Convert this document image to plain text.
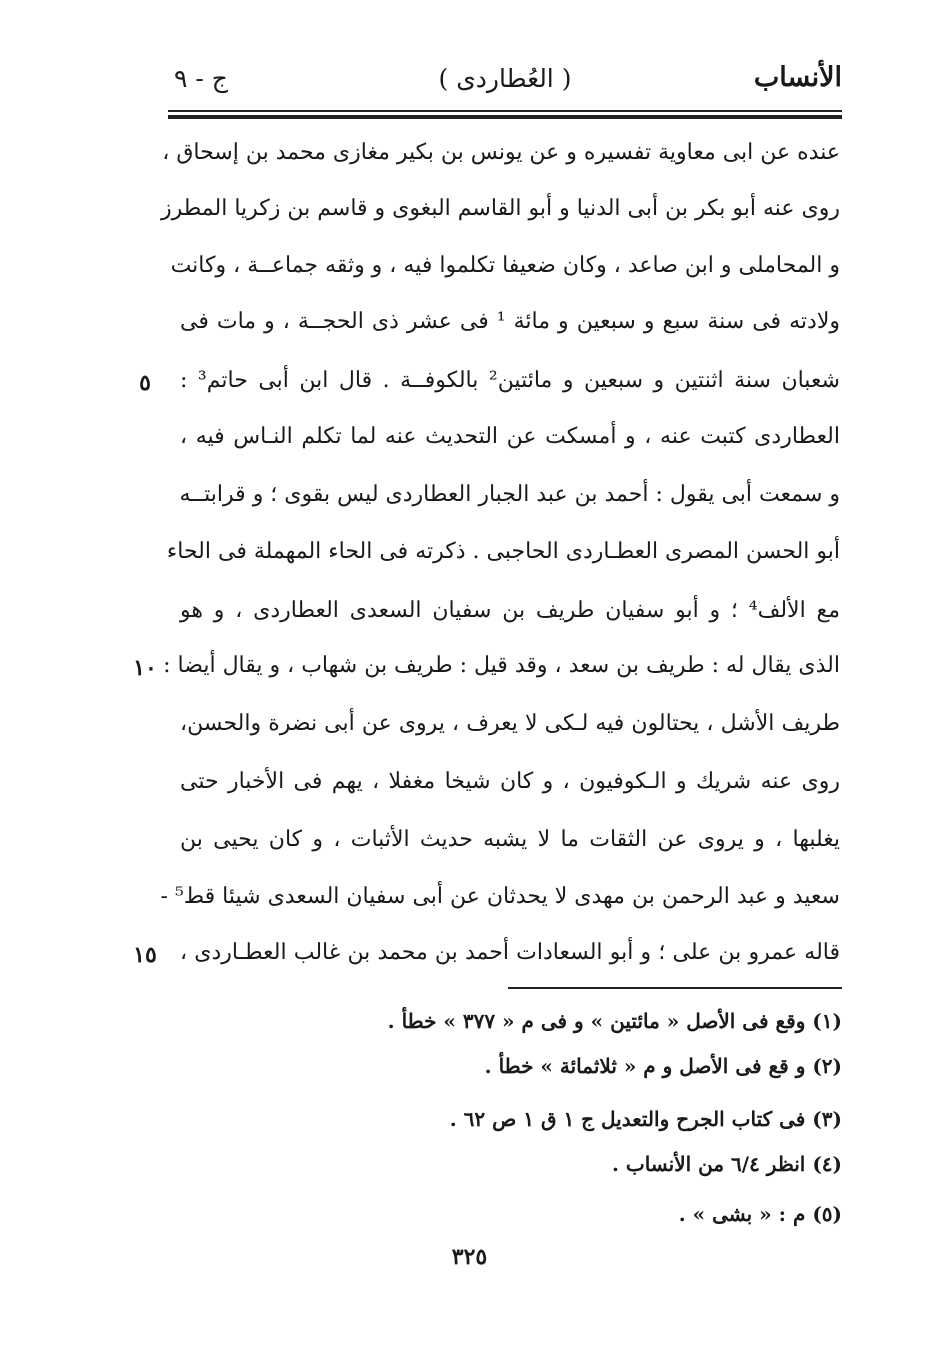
الأنساب
( العُطاردى )
ج - ٩
عنده عن ابى معاوية تفسيره و عن يونس بن بكير مغازى محمد بن إسحاق ،
روى عنه أبو بكر بن أبى الدنيا و أبو القاسم البغوى و قاسم بن زكريا المطرز
و المحاملى و ابن صاعد ، وكان ضعيفا تكلموا فيه ، و وثقه جماعــة ، وكانت
ولادته فى سنة سبع و سبعين و مائة ¹ فى عشر ذى الحجــة ، و مات فى
شعبان سنة اثنتين و سبعين و مائتين² بالكوفــة . قال ابن أبى حاتم³ :
العطاردى كتبت عنه ، و أمسكت عن التحديث عنه لما تكلم النـاس فيه ،
و سمعت أبى يقول : أحمد بن عبد الجبار العطاردى ليس بقوى ؛ و قرابتــه
أبو الحسن المصرى العطـاردى الحاجبى . ذكرته فى الحاء المهملة فى الحاء
مع الألف⁴ ؛ و أبو سفيان طريف بن سفيان السعدى العطاردى ، و هو
الذى يقال له : طريف بن سعد ، وقد قيل : طريف بن شهاب ، و يقال أيضا :
طريف الأشل ، يحتالون فيه لـكى لا يعرف ، يروى عن أبى نضرة والحسن،
روى عنه شريك و الـكوفيون ، و كان شيخا مغفلا ، يهم فى الأخبار حتى
يغلبها ، و يروى عن الثقات ما لا يشبه حديث الأثبات ، و كان يحيى بن
سعيد و عبد الرحمن بن مهدى لا يحدثان عن أبى سفيان السعدى شيئا قط⁵ -
قاله عمرو بن على ؛ و أبو السعادات أحمد بن محمد بن غالب العطـاردى ،
٥
١٠
١٥
(١) وقع فى الأصل « مائتين » و فى م « ٣٧٧ » خطأ .
(٢) و قع فى الأصل و م « ثلاثمائة » خطأ .
(٣) فى كتاب الجرح والتعديل ج ١ ق ١ ص ٦٢ .
(٤) انظر ٦/٤ من الأنساب .
(٥) م : « بشى » .
٣٢٥
